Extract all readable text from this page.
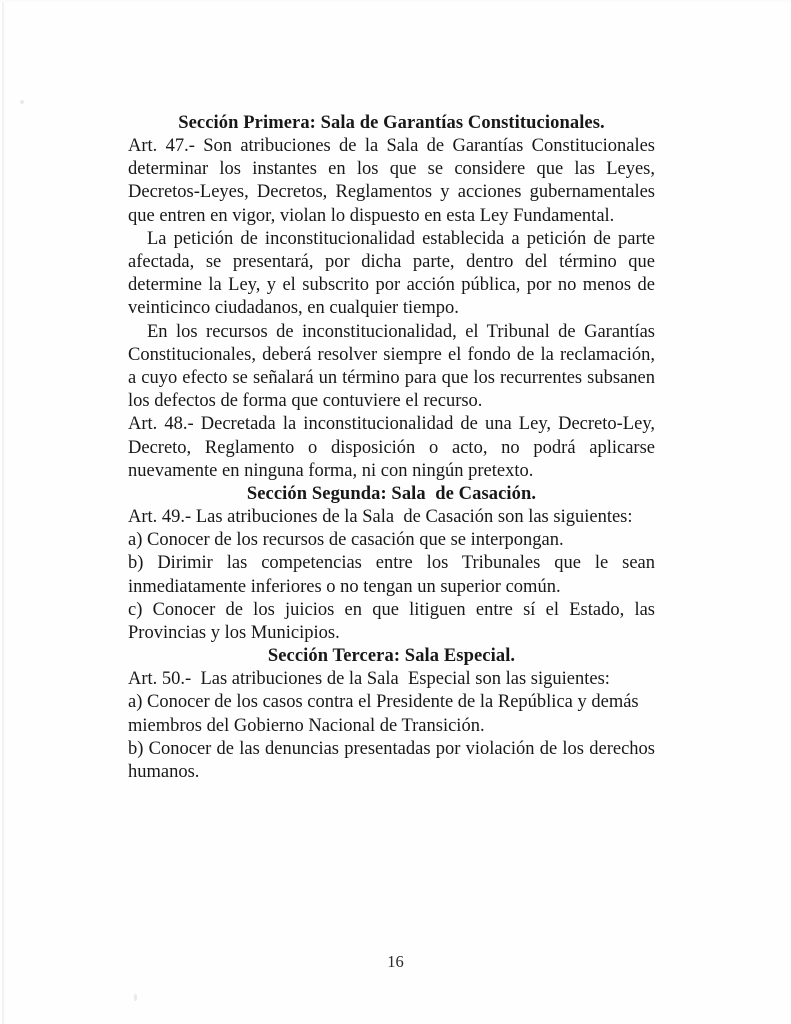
Sección Primera: Sala de Garantías Constitucionales.

Art. 47.- Son atribuciones de la Sala de Garantías Constitucionales determinar los instantes en los que se considere que las Leyes, Decretos-Leyes, Decretos, Reglamentos y acciones gubernamentales que entren en vigor, violan lo dispuesto en esta Ley Fundamental.

La petición de inconstitucionalidad establecida a petición de parte afectada, se presentará, por dicha parte, dentro del término que determine la Ley, y el subscrito por acción pública, por no menos de veinticinco ciudadanos, en cualquier tiempo.

En los recursos de inconstitucionalidad, el Tribunal de Garantías Constitucionales, deberá resolver siempre el fondo de la reclamación, a cuyo efecto se señalará un término para que los recurrentes subsanen los defectos de forma que contuviere el recurso.

Art. 48.- Decretada la inconstitucionalidad de una Ley, Decreto-Ley, Decreto, Reglamento o disposición o acto, no podrá aplicarse nuevamente en ninguna forma, ni con ningún pretexto.

Sección Segunda: Sala  de Casación.

Art. 49.- Las atribuciones de la Sala  de Casación son las siguientes:

a) Conocer de los recursos de casación que se interpongan.

b) Dirimir las competencias entre los Tribunales que le sean inmediatamente inferiores o no tengan un superior común.

c) Conocer de los juicios en que litiguen entre sí el Estado, las Provincias y los Municipios.

Sección Tercera: Sala Especial.

Art. 50.-  Las atribuciones de la Sala  Especial son las siguientes:

a) Conocer de los casos contra el Presidente de la República y demás miembros del Gobierno Nacional de Transición.

b) Conocer de las denuncias presentadas por violación de los derechos humanos.

16
